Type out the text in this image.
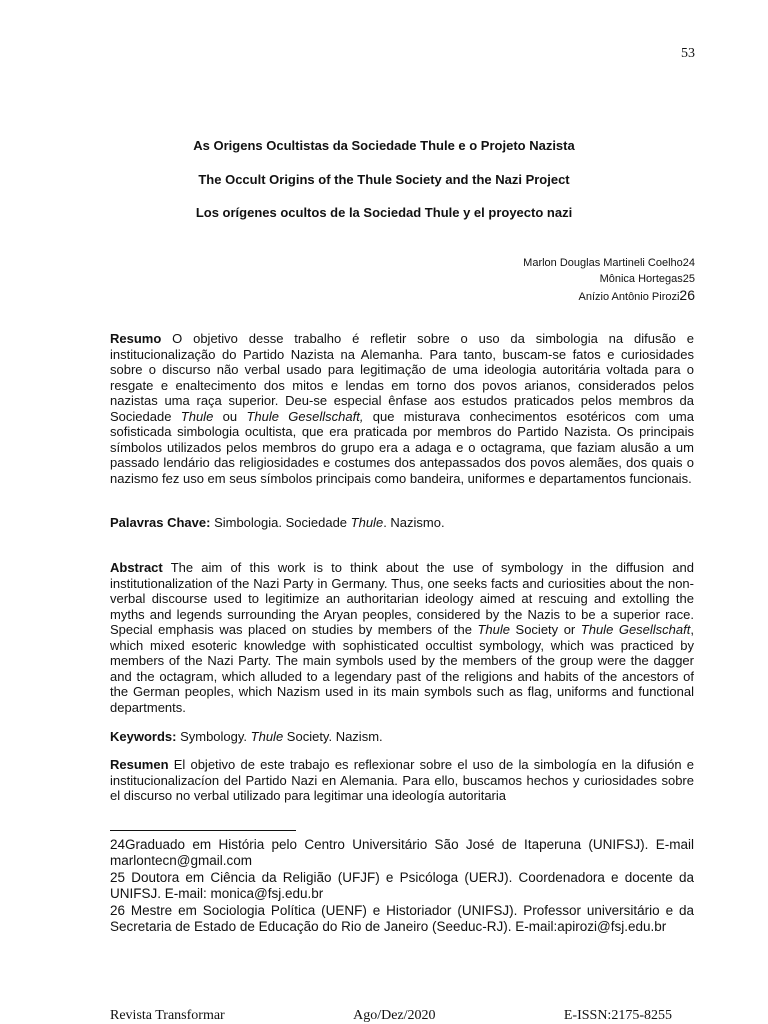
53
As Origens Ocultistas da Sociedade Thule e o Projeto Nazista
The Occult Origins of the Thule Society and the Nazi Project
Los orígenes ocultos de la Sociedad Thule y el proyecto nazi
Marlon Douglas Martineli Coelho24
Mônica Hortegas25
Anízio Antônio Pirozi26

Resumo O objetivo desse trabalho é refletir sobre o uso da simbologia na difusão e institucionalização do Partido Nazista na Alemanha. Para tanto, buscam-se fatos e curiosidades sobre o discurso não verbal usado para legitimação de uma ideologia autoritária voltada para o resgate e enaltecimento dos mitos e lendas em torno dos povos arianos, considerados pelos nazistas uma raça superior. Deu-se especial ênfase aos estudos praticados pelos membros da Sociedade Thule ou Thule Gesellschaft, que misturava conhecimentos esotéricos com uma sofisticada simbologia ocultista, que era praticada por membros do Partido Nazista. Os principais símbolos utilizados pelos membros do grupo era a adaga e o octagrama, que faziam alusão a um passado lendário das religiosidades e costumes dos antepassados dos povos alemães, dos quais o nazismo fez uso em seus símbolos principais como bandeira, uniformes e departamentos funcionais.

Palavras Chave: Simbologia. Sociedade Thule. Nazismo.

Abstract The aim of this work is to think about the use of symbology in the diffusion and institutionalization of the Nazi Party in Germany. Thus, one seeks facts and curiosities about the non-verbal discourse used to legitimize an authoritarian ideology aimed at rescuing and extolling the myths and legends surrounding the Aryan peoples, considered by the Nazis to be a superior race. Special emphasis was placed on studies by members of the Thule Society or Thule Gesellschaft, which mixed esoteric knowledge with sophisticated occultist symbology, which was practiced by members of the Nazi Party. The main symbols used by the members of the group were the dagger and the octagram, which alluded to a legendary past of the religions and habits of the ancestors of the German peoples, which Nazism used in its main symbols such as flag, uniforms and functional departments.

Keywords: Symbology. Thule Society. Nazism.

Resumen El objetivo de este trabajo es reflexionar sobre el uso de la simbología en la difusión e institucionalizacíon del Partido Nazi en Alemania. Para ello, buscamos hechos y curiosidades sobre el discurso no verbal utilizado para legitimar una ideología autoritaria

24Graduado em História pelo Centro Universitário São José de Itaperuna (UNIFSJ). E-mail marlontecn@gmail.com

25 Doutora em Ciência da Religião (UFJF) e Psicóloga (UERJ). Coordenadora e docente da UNIFSJ. E-mail: monica@fsj.edu.br

26 Mestre em Sociologia Política (UENF) e Historiador (UNIFSJ). Professor universitário e da Secretaria de Estado de Educação do Rio de Janeiro (Seeduc-RJ). E-mail:apirozi@fsj.edu.br

Revista Transformar	Ago/Dez/2020	E-ISSN:2175-8255
